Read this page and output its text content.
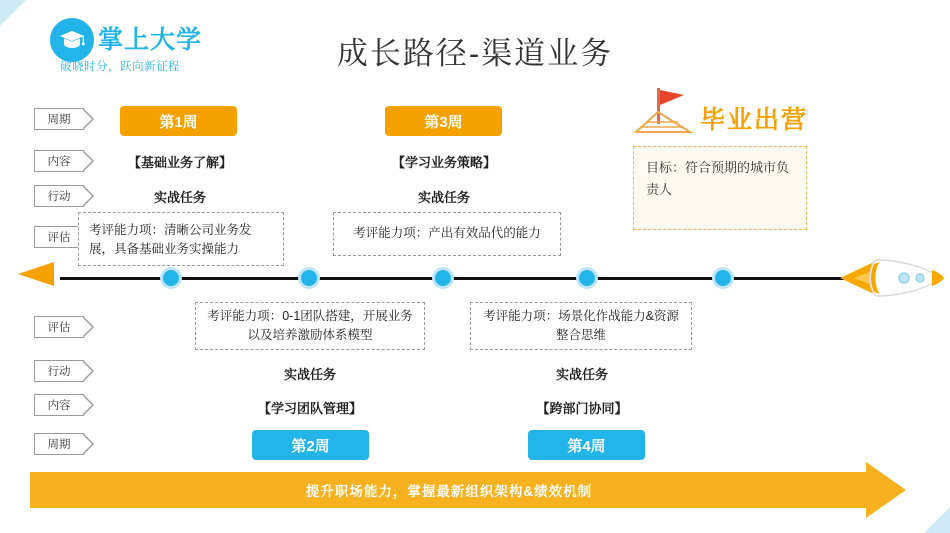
掌上大学
破晓时分，跃向新征程	成长路径-渠道业务
周期
内容
行动
评估
评估
行动
内容
周期
第1周
【基础业务了解】
实战任务
考评能力项：清晰公司业务发展，具备基础业务实操能力
第3周
【学习业务策略】
实战任务
考评能力项：产出有效品代的能力
毕业出营
目标：符合预期的城市负责人
考评能力项：0-1团队搭建，开展业务以及培养激励体系模型
实战任务
【学习团队管理】
第2周
考评能力项：场景化作战能力&资源整合思维
实战任务
【跨部门协同】
第4周
提升职场能力，掌握最新组织架构&绩效机制
